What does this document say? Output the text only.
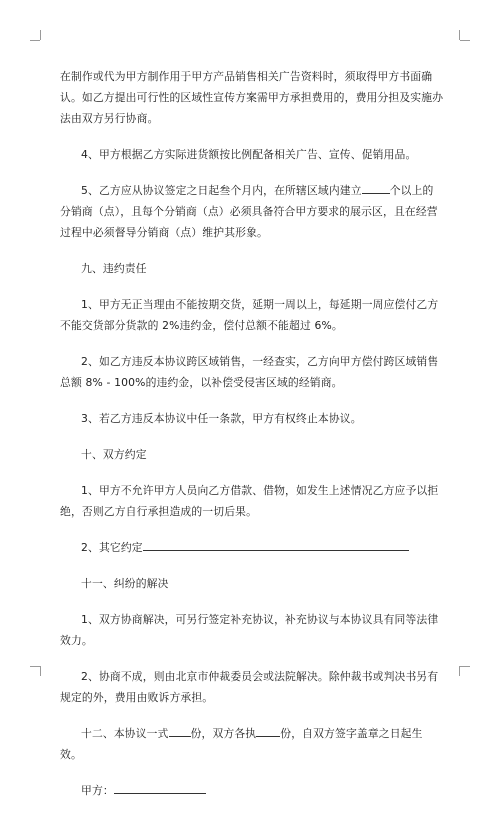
在制作或代为甲方制作用于甲方产品销售相关广告资料时，须取得甲方书面确认。如乙方提出可行性的区域性宣传方案需甲方承担费用的，费用分担及实施办法由双方另行协商。

4、甲方根据乙方实际进货额按比例配备相关广告、宣传、促销用品。

5、乙方应从协议签定之日起叁个月内，在所辖区域内建立	个以上的分销商（点），且每个分销商（点）必须具备符合甲方要求的展示区，且在经营过程中必须督导分销商（点）维护其形象。

九、违约责任

1、甲方无正当理由不能按期交货，延期一周以上，每延期一周应偿付乙方不能交货部分货款的 2%违约金，偿付总额不能超过 6%。

2、如乙方违反本协议跨区域销售，一经查实，乙方向甲方偿付跨区域销售总额 8% - 100%的违约金，以补偿受侵害区域的经销商。

3、若乙方违反本协议中任一条款，甲方有权终止本协议。

十、双方约定

1、甲方不允许甲方人员向乙方借款、借物，如发生上述情况乙方应予以拒绝，否则乙方自行承担造成的一切后果。

2、其它约定

十一、纠纷的解决

1、双方协商解决，可另行签定补充协议，补充协议与本协议具有同等法律效力。

2、协商不成，则由北京市仲裁委员会或法院解决。除仲裁书或判决书另有规定的外，费用由败诉方承担。

十二、本协议一式 份，双方各执 份，自双方签字盖章之日起生效。

甲方：
